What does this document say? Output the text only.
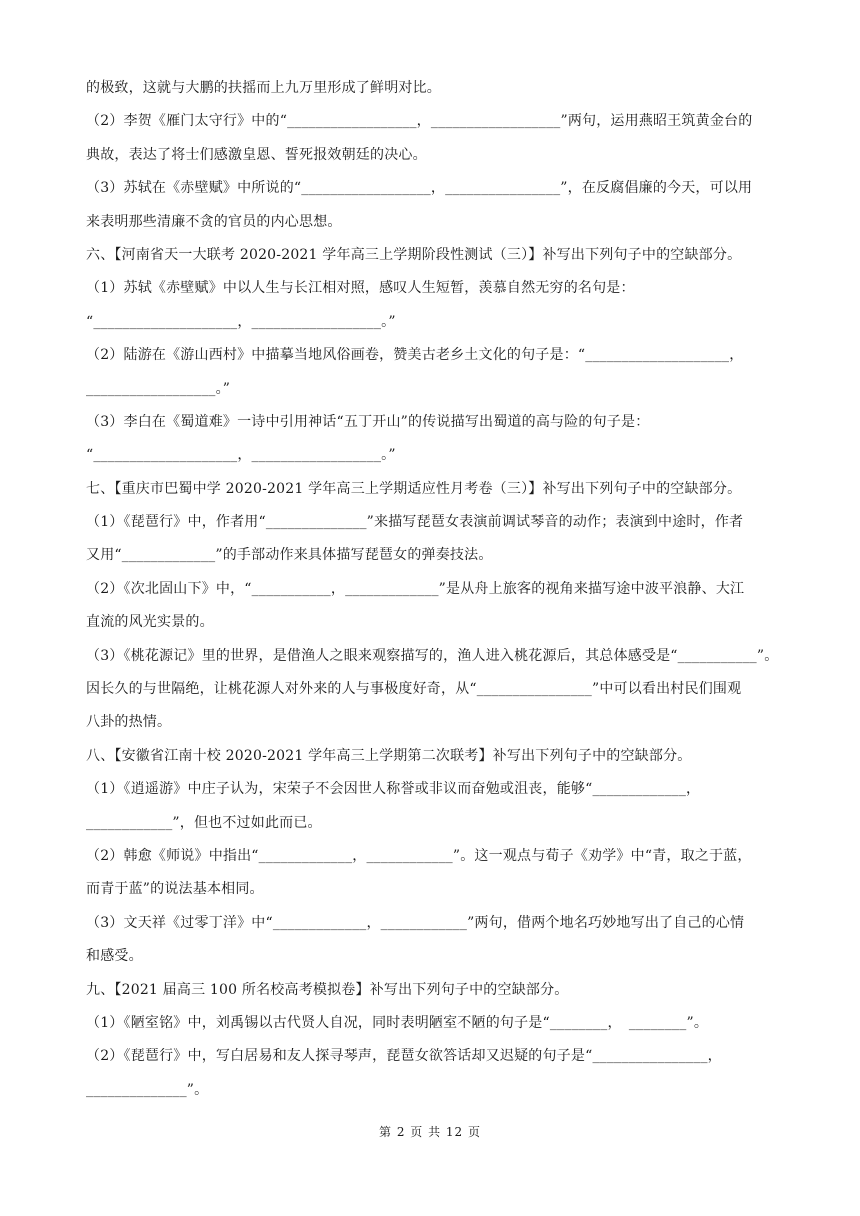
的极致，这就与大鹏的扶摇而上九万里形成了鲜明对比。
（2）李贺《雁门太守行》中的“__________________，__________________”两句，运用燕昭王筑黄金台的
典故，表达了将士们感激皇恩、誓死报效朝廷的决心。
（3）苏轼在《赤壁赋》中所说的“__________________，________________”，在反腐倡廉的今天，可以用
来表明那些清廉不贪的官员的内心思想。
六、【河南省天一大联考 2020-2021 学年高三上学期阶段性测试（三）】补写出下列句子中的空缺部分。
（1）苏轼《赤壁赋》中以人生与长江相对照，感叹人生短暂，羡慕自然无穷的名句是：
“____________________，__________________。”
（2）陆游在《游山西村》中描摹当地风俗画卷，赞美古老乡土文化的句子是：“____________________，
__________________。”
（3）李白在《蜀道难》一诗中引用神话“五丁开山”的传说描写出蜀道的高与险的句子是：
“____________________，__________________。”
七、【重庆市巴蜀中学 2020-2021 学年高三上学期适应性月考卷（三）】补写出下列句子中的空缺部分。
（1）《琵琶行》中，作者用“______________”来描写琵琶女表演前调试琴音的动作；表演到中途时，作者
又用“_____________”的手部动作来具体描写琵琶女的弹奏技法。
（2）《次北固山下》中，“___________，_____________”是从舟上旅客的视角来描写途中波平浪静、大江
直流的风光实景的。
（3）《桃花源记》里的世界，是借渔人之眼来观察描写的，渔人进入桃花源后，其总体感受是“___________”。
因长久的与世隔绝，让桃花源人对外来的人与事极度好奇，从“________________”中可以看出村民们围观
八卦的热情。
八、【安徽省江南十校 2020-2021 学年高三上学期第二次联考】补写出下列句子中的空缺部分。
（1）《逍遥游》中庄子认为，宋荣子不会因世人称誉或非议而奋勉或沮丧，能够“_____________，
____________”，但也不过如此而已。
（2）韩愈《师说》中指出“_____________，____________”。这一观点与荀子《劝学》中“青，取之于蓝，
而青于蓝”的说法基本相同。
（3）文天祥《过零丁洋》中“_____________，____________”两句，借两个地名巧妙地写出了自己的心情
和感受。
九、【2021 届高三 100 所名校高考模拟卷】补写出下列句子中的空缺部分。
（1）《陋室铭》中，刘禹锡以古代贤人自况，同时表明陋室不陋的句子是“________，　________”。
（2）《琵琶行》中，写白居易和友人探寻琴声，琵琶女欲答话却又迟疑的句子是“________________，
______________”。
第 2 页 共 12 页
